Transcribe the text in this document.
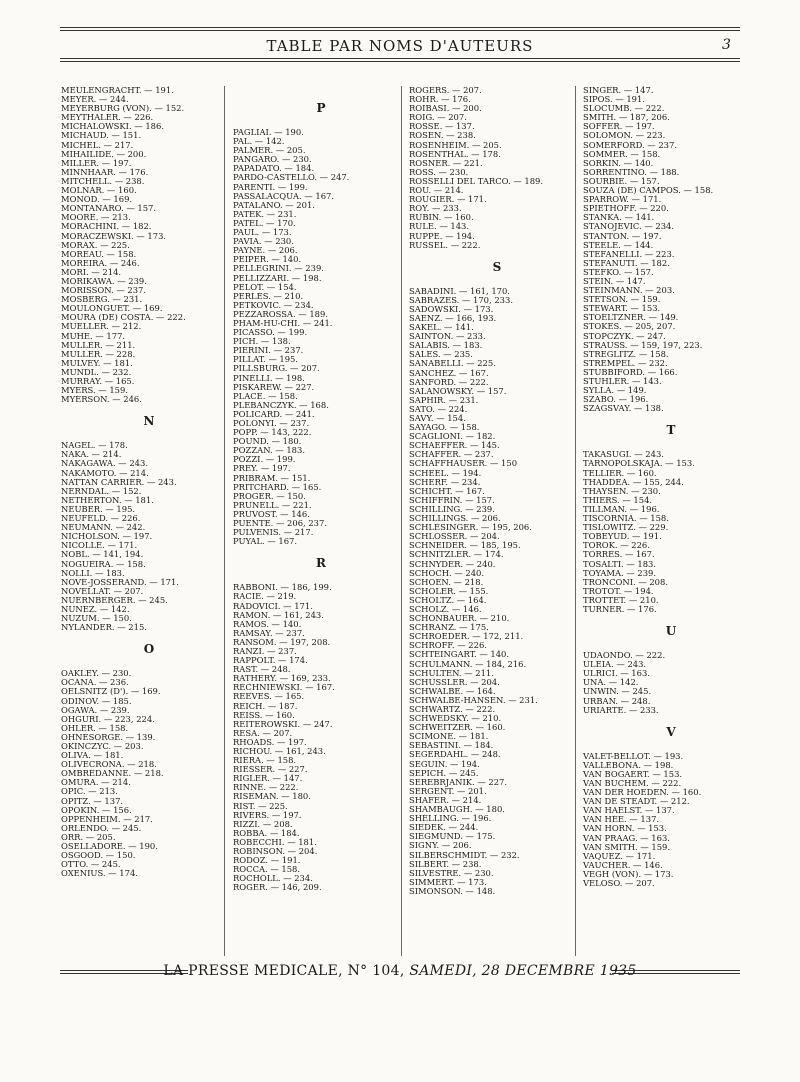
TABLE PAR NOMS D'AUTEURS	3
MEULENGRACHT. — 191.
MEYER. — 244.
MEYERBURG (VON). — 152.
MEYTHALER. — 226.
MICHALOWSKI. — 186.
MICHAUD. — 151.
MICHEL. — 217.
MIHAILIDE. — 200.
MILLER. — 197.
MINNHAAR. — 176.
MITCHELL. — 238.
MOLNAR. — 160.
MONOD. — 169.
MONTANARO. — 157.
MOORE. — 213.
MORACHINI. — 182.
MORACZEWSKI. — 173.
MORAX. — 225.
MOREAU. — 158.
MOREIRA. — 246.
MORI. — 214.
MORIKAWA. — 239.
MORISSON. — 237.
MOSBERG. — 231.
MOULONGUET. — 169.
MOURA (DE) COSTA. — 222.
MUELLER. — 212.
MUHE. — 177.
MULLER. — 211.
MÜLLER. — 228.
MULVEY. — 181.
MÜNDL. — 232.
MURRAY. — 165.
MYERS. — 159.
MYERSON. — 246.
N
NAGEL. — 178.
NAKA. — 214.
NAKAGAWA. — 243.
NAKAMOTO. — 214.
NATTAN CARRIER. — 243.
NERNDAL. — 152.
NETHERTON. — 181.
NEUBER. — 195.
NEUFELD. — 226.
NEUMANN. — 242.
NICHOLSON. — 197.
NICOLLE. — 171.
NOBL. — 141, 194.
NOGUEIRA. — 158.
NOLLI. — 183.
NOVÉ-JOSSERAND. — 171.
NOVELLAT. — 207.
NUERNBERGER. — 245.
NUNEZ. — 142.
NUZUM. — 150.
NYLANDER. — 215.
O
OAKLEY. — 230.
OCANA. — 236.
OELSNITZ (D'). — 169.
ODINOV. — 185.
OGAWA. — 239.
OHGURI. — 223, 224.
OHLER. — 158.
OHNESORGE. — 139.
OKINCZYC. — 203.
OLIVA. — 181.
OLIVECRONA. — 218.
OMBRÉDANNE. — 218.
OMURA. — 214.
OPIC. — 213.
OPITZ. — 137.
OPOKIN. — 156.
OPPENHEIM. — 217.
ORLENDO. — 245.
ORR. — 205.
OSELLADORE. — 190.
OSGOOD. — 150.
OTTO. — 245.
OXENIUS. — 174.
P
PAGLIAI. — 190.
PAL. — 142.
PALMER. — 205.
PANGARO. — 230.
PAPADATO. — 184.
PARDO-CASTELLO. — 247.
PARENTI. — 199.
PASSALACQUA. — 167.
PATALANO. — 201.
PATEK. — 231.
PATEL. — 170.
PAUL. — 173.
PAVIA. — 230.
PAYNE. — 206.
PEIPER. — 140.
PELLEGRINI. — 239.
PELLIZZARI. — 198.
PELOT. — 154.
PERLÈS. — 210.
PETKOVIC. — 234.
PEZZAROSSA. — 189.
PHAM-HU-CHI. — 241.
PICASSO. — 199.
PICH. — 138.
PIERINI. — 237.
PILLAT. — 195.
PILLSBURG. — 207.
PINELLI. — 198.
PISKAREW. — 227.
PLACE. — 158.
PLEBANCZYK. — 168.
POLICARD. — 241.
POLONYI. — 237.
POPP. — 143, 222.
POUND. — 180.
POZZAN. — 183.
POZZI. — 199.
PREY. — 197.
PRIBRAM. — 151.
PRITCHARD. — 165.
PROGER. — 150.
PRUNELL. — 221.
PRUVOST. — 146.
PUENTE. — 206, 237.
PULVENIS. — 217.
PUYAL. — 167.
R
RABBONI. — 186, 199.
RACIE. — 219.
RADOVICI. — 171.
RAMON. — 161, 243.
RAMOS. — 140.
RAMSAY. — 237.
RANSOM. — 197, 208.
RANZI. — 237.
RAPPOLT. — 174.
RAST. — 248.
RATHERY. — 169, 233.
RECHNIEWSKI. — 167.
REEVES. — 165.
REICH. — 187.
REISS. — 160.
REITEROWSKI. — 247.
RESA. — 207.
RHOADS. — 197.
RICHOU. — 161, 243.
RIERA. — 158.
RIESSER. — 227.
RIGLER. — 147.
RINNÉ. — 222.
RISEMAN. — 180.
RIST. — 225.
RIVERS. — 197.
RIZZI. — 208.
ROBBA. — 184.
ROBECCHI. — 181.
ROBINSON. — 204.
RODOZ. — 191.
ROCCA. — 158.
ROCHOLL. — 234.
ROGER. — 146, 209.
ROGERS. — 207.
ROHR. — 176.
ROIBASI. — 200.
ROIG. — 207.
ROSSE. — 137.
ROSEN. — 238.
ROSENHEIM. — 205.
ROSENTHAL. — 178.
ROSNER. — 221.
ROSS. — 230.
ROSSELLI DEL TARCO. — 189.
ROU. — 214.
ROUGIER. — 171.
ROY. — 233.
RUBIN. — 160.
RULE. — 143.
RUPPE. — 194.
RUSSEL. — 222.
S
SABADINI. — 161, 170.
SABRAZES. — 170, 233.
SADOWSKI. — 173.
SAENZ. — 166, 193.
SAKEL. — 141.
SAINTON. — 233.
SALABIS. — 183.
SALES. — 235.
SANABELLI. — 225.
SANCHEZ. — 167.
SANFORD. — 222.
SALANOWSKY. — 157.
SAPHIR. — 231.
SATO. — 224.
SAVY. — 154.
SAYAGO. — 158.
SCAGLIONI. — 182.
SCHAEFFER. — 145.
SCHAFFER. — 237.
SCHAFFHAUSER. — 150
SCHEEL. — 194.
SCHERF. — 234.
SCHICHT. — 167.
SCHIFFRIN. — 157.
SCHILLING. — 239.
SCHILLINGS. — 206.
SCHLESINGER. — 195, 206.
SCHLOSSER. — 204.
SCHNEIDER. — 185, 195.
SCHNITZLER. — 174.
SCHNYDER. — 240.
SCHOCH. — 240.
SCHOEN. — 218.
SCHOLER. — 155.
SCHOLTZ. — 164.
SCHOLZ. — 146.
SCHONBAUER. — 210.
SCHRANZ. — 175.
SCHROEDER. — 172, 211.
SCHROFF. — 226.
SCHTEINGART. — 140.
SCHULMANN. — 184, 216.
SCHULTEN. — 211.
SCHUSSLER. — 204.
SCHWALBE. — 164.
SCHWALBE-HANSEN. — 231.
SCHWARTZ. — 222.
SCHWEDSKY. — 210.
SCHWEITZER. — 160.
SCIMONE. — 181.
SEBASTINI. — 184.
SEGERDAHL. — 248.
SÉGUIN. — 194.
SEPICH. — 245.
SEREBRJANIK. — 227.
SERGENT. — 201.
SHAFER. — 214.
SHAMBAUGH. — 180.
SHELLING. — 196.
SIEDEK. — 244.
SIEGMUND. — 175.
SIGNY. — 206.
SILBERSCHMIDT. — 232.
SILBERT. — 238.
SILVESTRE. — 230.
SIMMERT. — 173.
SIMONSON. — 148.
SINGER. — 147.
SIPOS. — 191.
SLOCUMB. — 222.
SMITH. — 187, 206.
SOFFER. — 197.
SOLOMON. — 223.
SOMERFORD. — 237.
SOMMER. — 158.
SORKIN. — 140.
SORRENTINO. — 188.
SOURBIE. — 157.
SOUZA (DE) CAMPOS. — 158.
SPARROW. — 171.
SPIETHOFF. — 220.
STANKA. — 141.
STANOJEVIC. — 234.
STANTON. — 197.
STEELE. — 144.
STEFANELLI. — 223.
STEFANUTI. — 182.
STEFKO. — 157.
STEIN. — 147.
STEINMANN. — 203.
STETSON. — 159.
STEWART. — 153.
STOELTZNER. — 149.
STOKES. — 205, 207.
STOPCZYK. — 247.
STRAUSS. — 159, 197, 223.
STREGLITZ. — 158.
STREMPEL. — 232.
STUBBIFORD. — 166.
STUHLER. — 143.
SYLLA. — 149.
SZABO. — 196.
SZAGSVAY. — 138.
T
TAKASUGI. — 243.
TARNOPOLSKAJA. — 153.
TELLIER. — 160.
THADDEA. — 155, 244.
THAYSEN. — 230.
THIERS. — 154.
TILLMAN. — 196.
TISCORNIA. — 158.
TISLOWITZ. — 229.
TOBEYUD. — 191.
TÖRÖK. — 226.
TORRÈS. — 167.
TOSALTI. — 183.
TOYAMA. — 239.
TRONCONI. — 208.
TROTOT. — 194.
TROTTET. — 210.
TURNER. — 176.
U
UDAONDO. — 222.
ULEIA. — 243.
ULRICI. — 163.
UNA. — 142.
UNWIN. — 245.
URBAN. — 248.
URIARTE. — 233.
V
VALET-BELLOT. — 193.
VALLEBONA. — 198.
VAN BOGAERT. — 153.
VAN BUCHEM. — 222.
VAN DER HOEDEN. — 160.
VAN DE STEADT. — 212.
VAN HAELST. — 137.
VAN HÉE. — 137.
VAN HORN. — 153.
VAN PRAAG. — 163.
VAN SMITH. — 159.
VAQUEZ. — 171.
VAUCHER. — 146.
VEGH (VON). — 173.
VELOSO. — 207.
LA PRESSE MEDICALE, N° 104, SAMEDI, 28 DECEMBRE 1935
